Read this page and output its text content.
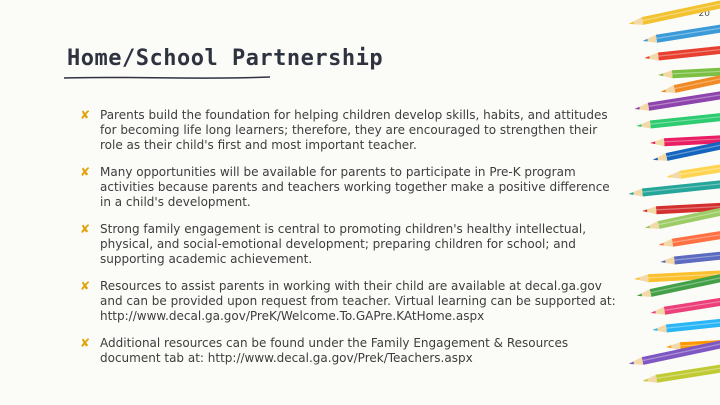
20
Home/School Partnership
✘ Parents build the foundation for helping children develop skills, habits, and attitudes for becoming life long learners; therefore, they are encouraged to strengthen their role as their child's first and most important teacher.
✘ Many opportunities will be available for parents to participate in Pre-K program activities because parents and teachers working together make a positive difference in a child's development.
✘ Strong family engagement is central to promoting children's healthy intellectual, physical, and social-emotional development; preparing children for school; and supporting academic achievement.
✘ Resources to assist parents in working with their child are available at decal.ga.gov and can be provided upon request from teacher. Virtual learning can be supported at: http://www.decal.ga.gov/PreK/Welcome.To.GAPre.KAtHome.aspx
✘ Additional resources can be found under the Family Engagement & Resources document tab at: http://www.decal.ga.gov/Prek/Teachers.aspx
